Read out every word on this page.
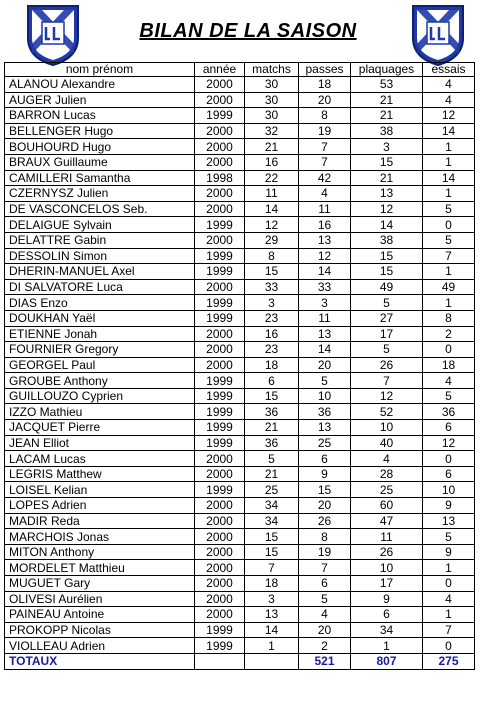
BILAN DE LA SAISON
nom prénom	année	matchs	passes	plaquages	essais
ALANOU Alexandre	2000	30	18	53	4
AUGER Julien	2000	30	20	21	4
BARRON Lucas	1999	30	8	21	12
BELLENGER Hugo	2000	32	19	38	14
BOUHOURD Hugo	2000	21	7	3	1
BRAUX Guillaume	2000	16	7	15	1
CAMILLERI Samantha	1998	22	42	21	14
CZERNYSZ Julien	2000	11	4	13	1
DE VASCONCELOS Seb.	2000	14	11	12	5
DELAIGUE Sylvain	1999	12	16	14	0
DELATTRE Gabin	2000	29	13	38	5
DESSOLIN Simon	1999	8	12	15	7
DHERIN-MANUEL Axel	1999	15	14	15	1
DI SALVATORE Luca	2000	33	33	49	49
DIAS Enzo	1999	3	3	5	1
DOUKHAN Yaël	1999	23	11	27	8
ETIENNE Jonah	2000	16	13	17	2
FOURNIER Gregory	2000	23	14	5	0
GEORGEL Paul	2000	18	20	26	18
GROUBE Anthony	1999	6	5	7	4
GUILLOUZO Cyprien	1999	15	10	12	5
IZZO Mathieu	1999	36	36	52	36
JACQUET Pierre	1999	21	13	10	6
JEAN Elliot	1999	36	25	40	12
LACAM Lucas	2000	5	6	4	0
LEGRIS Matthew	2000	21	9	28	6
LOISEL Kelian	1999	25	15	25	10
LOPES Adrien	2000	34	20	60	9
MADIR Reda	2000	34	26	47	13
MARCHOIS Jonas	2000	15	8	11	5
MITON Anthony	2000	15	19	26	9
MORDELET Matthieu	2000	7	7	10	1
MUGUET Gary	2000	18	6	17	0
OLIVESI Aurélien	2000	3	5	9	4
PAINEAU Antoine	2000	13	4	6	1
PROKOPP Nicolas	1999	14	20	34	7
VIOLLEAU Adrien	1999	1	2	1	0
TOTAUX			521	807	275
